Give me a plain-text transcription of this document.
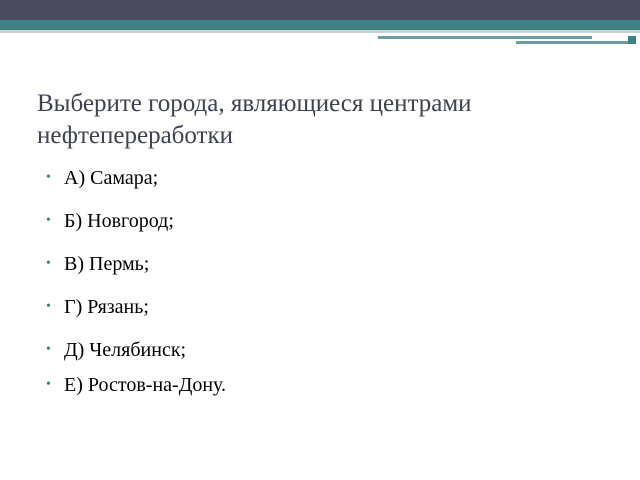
Выберите города, являющиеся центрами нефтепереработки
• А) Самара;
• Б) Новгород;
• В) Пермь;
• Г) Рязань;
• Д) Челябинск;
• Е) Ростов-на-Дону.
